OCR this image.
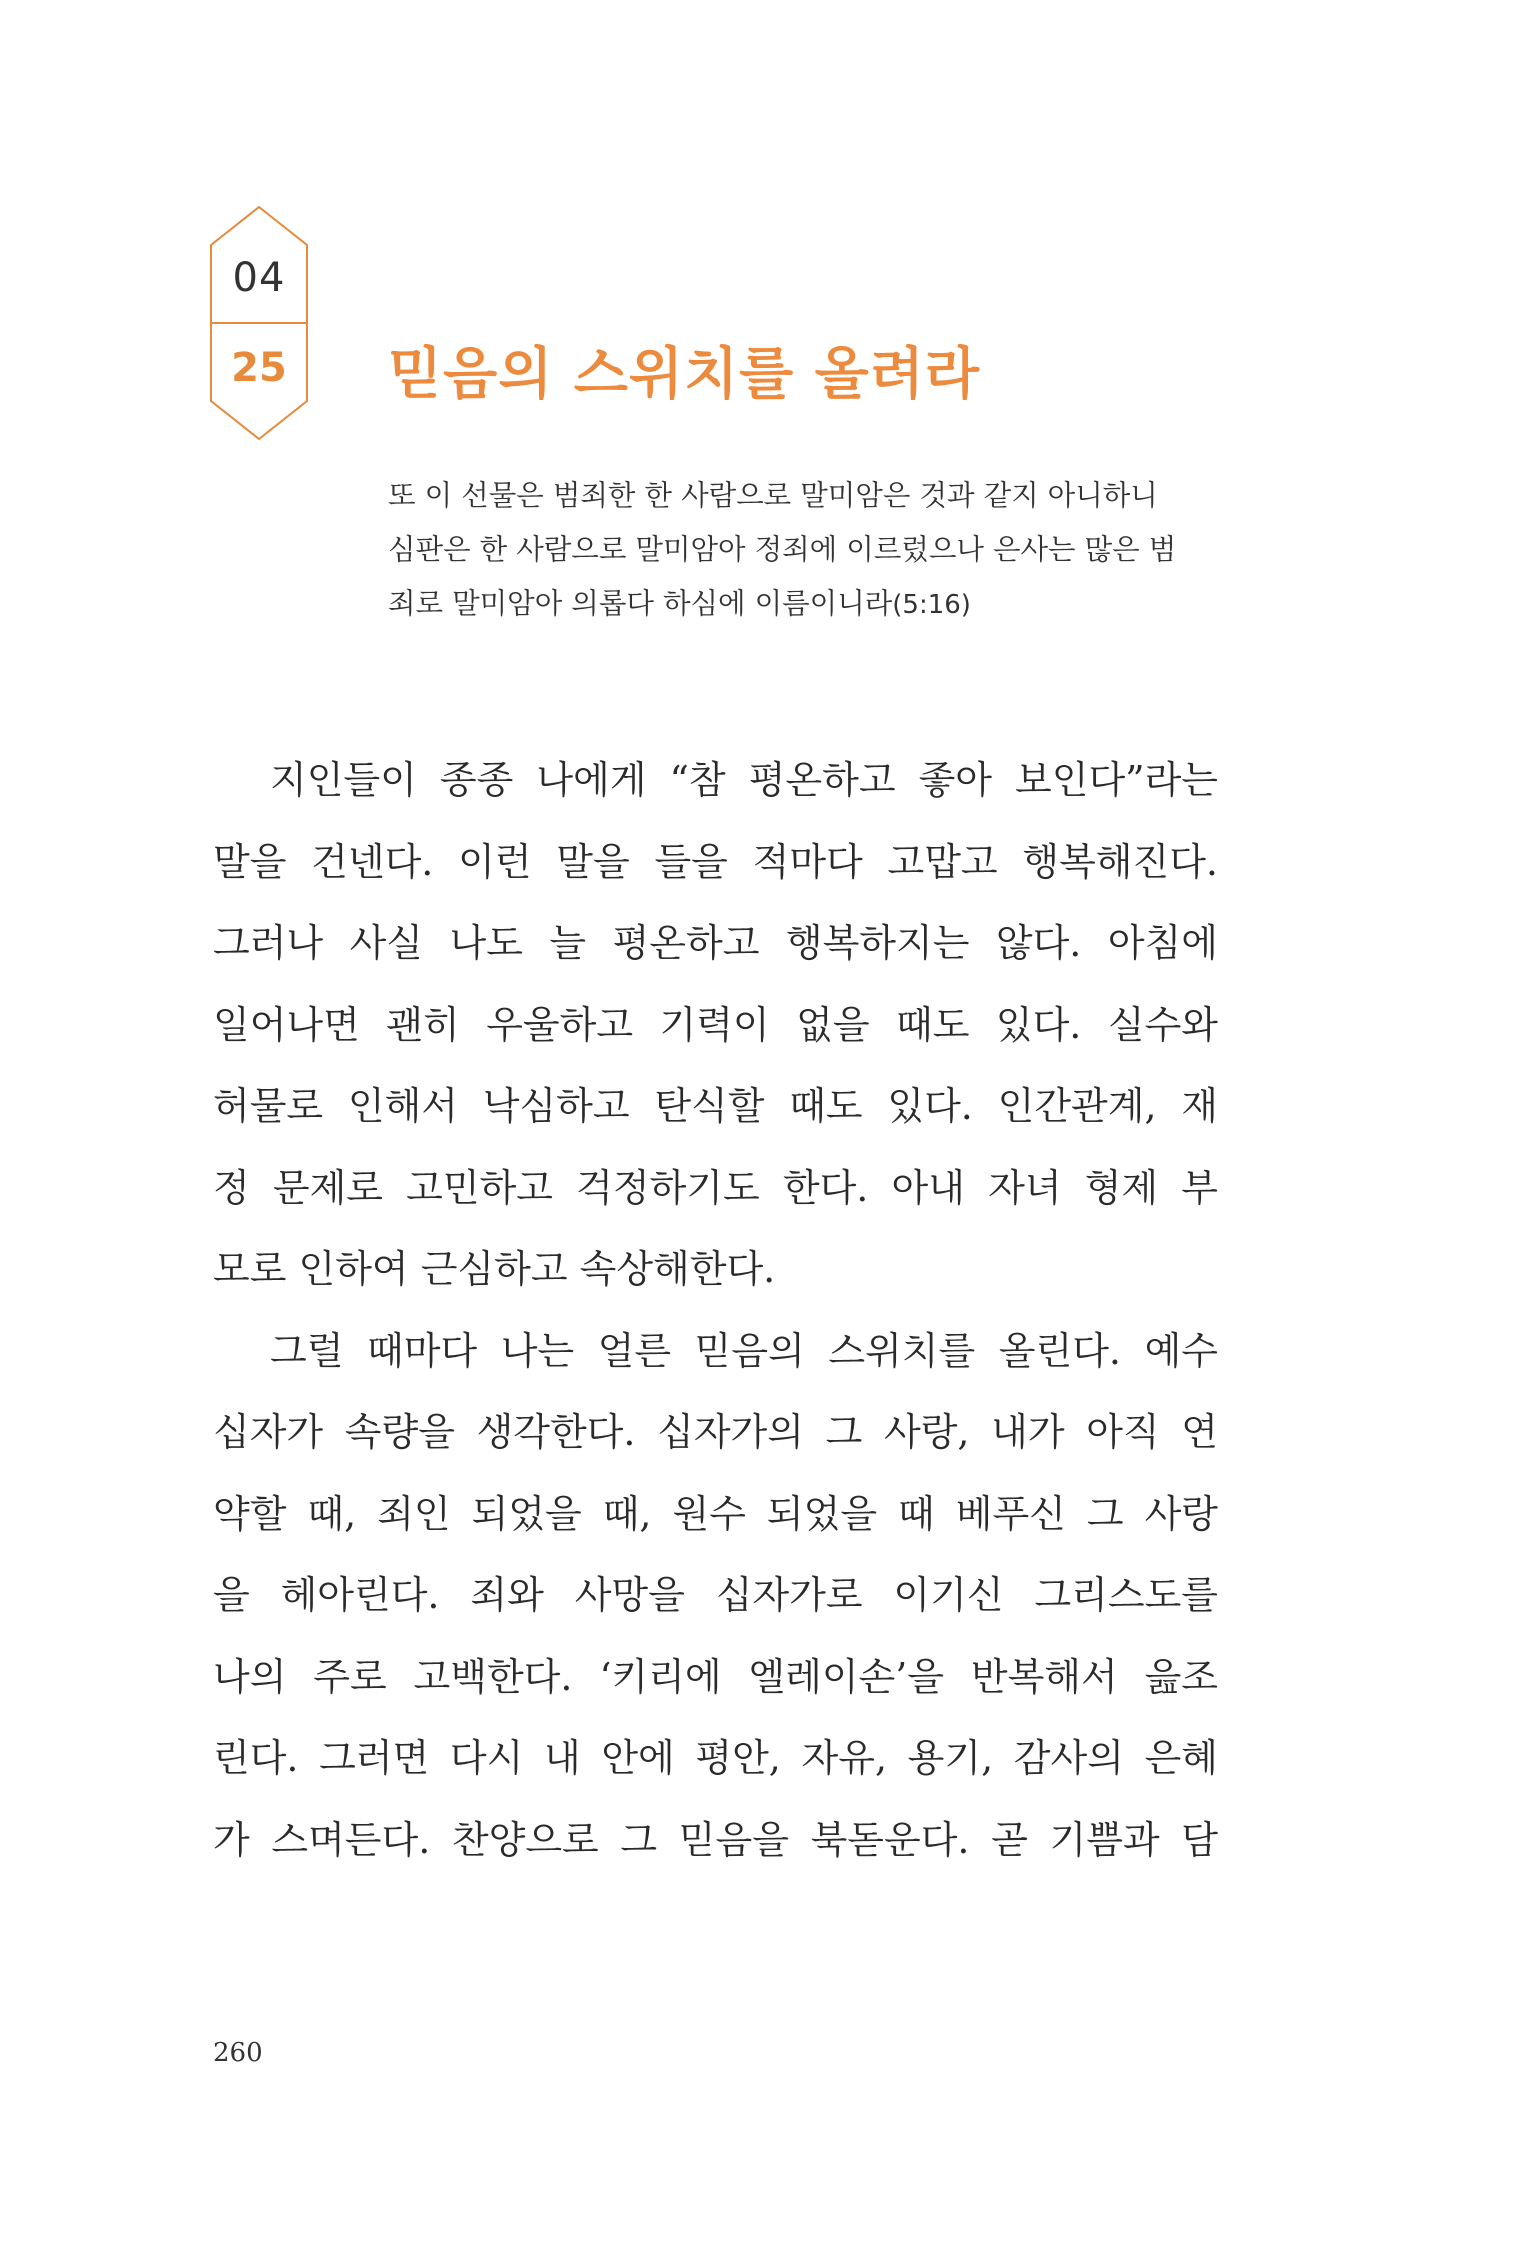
04
25	믿음의 스위치를 올려라
또 이 선물은 범죄한 한 사람으로 말미암은 것과 같지 아니하니
심판은 한 사람으로 말미암아 정죄에 이르렀으나 은사는 많은 범
죄로 말미암아 의롭다 하심에 이름이니라(5:16)
지인들이 종종 나에게 “참 평온하고 좋아 보인다”라는
말을 건넨다. 이런 말을 들을 적마다 고맙고 행복해진다.
그러나 사실 나도 늘 평온하고 행복하지는 않다. 아침에
일어나면 괜히 우울하고 기력이 없을 때도 있다. 실수와
허물로 인해서 낙심하고 탄식할 때도 있다. 인간관계, 재
정 문제로 고민하고 걱정하기도 한다. 아내 자녀 형제 부
모로 인하여 근심하고 속상해한다.
그럴 때마다 나는 얼른 믿음의 스위치를 올린다. 예수
십자가 속량을 생각한다. 십자가의 그 사랑, 내가 아직 연
약할 때, 죄인 되었을 때, 원수 되었을 때 베푸신 그 사랑
을 헤아린다. 죄와 사망을 십자가로 이기신 그리스도를
나의 주로 고백한다. ‘키리에 엘레이손’을 반복해서 읊조
린다. 그러면 다시 내 안에 평안, 자유, 용기, 감사의 은혜
가 스며든다. 찬양으로 그 믿음을 북돋운다. 곧 기쁨과 담
260
